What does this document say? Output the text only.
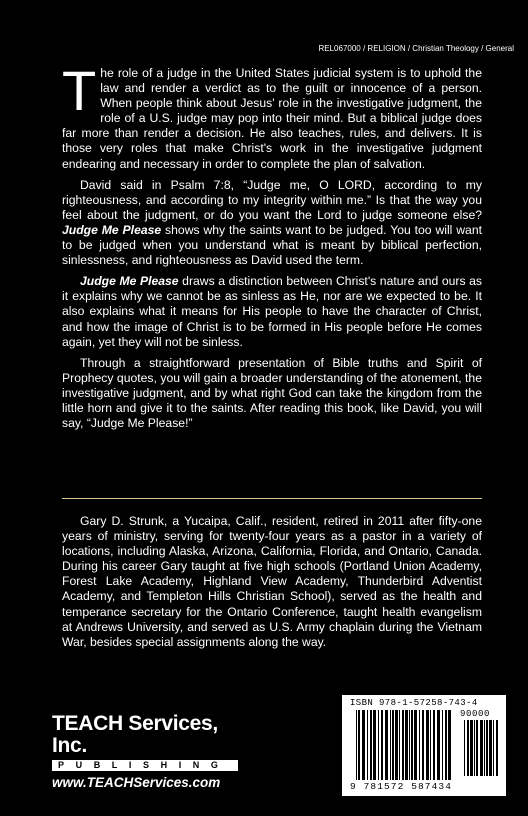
REL067000 / RELIGION / Christian Theology / General

The role of a judge in the United States judicial system is to uphold the law and render a verdict as to the guilt or innocence of a person. When people think about Jesus' role in the investigative judgment, the role of a U.S. judge may pop into their mind. But a biblical judge does far more than render a decision. He also teaches, rules, and delivers. It is those very roles that make Christ's work in the investigative judgment endearing and necessary in order to complete the plan of salvation.

David said in Psalm 7:8, “Judge me, O LORD, according to my righteousness, and according to my integrity within me.” Is that the way you feel about the judgment, or do you want the Lord to judge someone else? Judge Me Please shows why the saints want to be judged. You too will want to be judged when you understand what is meant by biblical perfection, sinlessness, and righteousness as David used the term.

Judge Me Please draws a distinction between Christ's nature and ours as it explains why we cannot be as sinless as He, nor are we expected to be. It also explains what it means for His people to have the character of Christ, and how the image of Christ is to be formed in His people before He comes again, yet they will not be sinless.

Through a straightforward presentation of Bible truths and Spirit of Prophecy quotes, you will gain a broader understanding of the atonement, the investigative judgment, and by what right God can take the kingdom from the little horn and give it to the saints. After reading this book, like David, you will say, “Judge Me Please!”

Gary D. Strunk, a Yucaipa, Calif., resident, retired in 2011 after fifty-one years of ministry, serving for twenty-four years as a pastor in a variety of locations, including Alaska, Arizona, California, Florida, and Ontario, Canada. During his career Gary taught at five high schools (Portland Union Academy, Forest Lake Academy, Highland View Academy, Thunderbird Adventist Academy, and Templeton Hills Christian School), served as the health and temperance secretary for the Ontario Conference, taught health evangelism at Andrews University, and served as U.S. Army chaplain during the Vietnam War, besides special assignments along the way.

TEACH Services, Inc.
PUBLISHING
www.TEACHServices.com
ISBN 978-1-57258-743-4
90000
9 781572 587434
